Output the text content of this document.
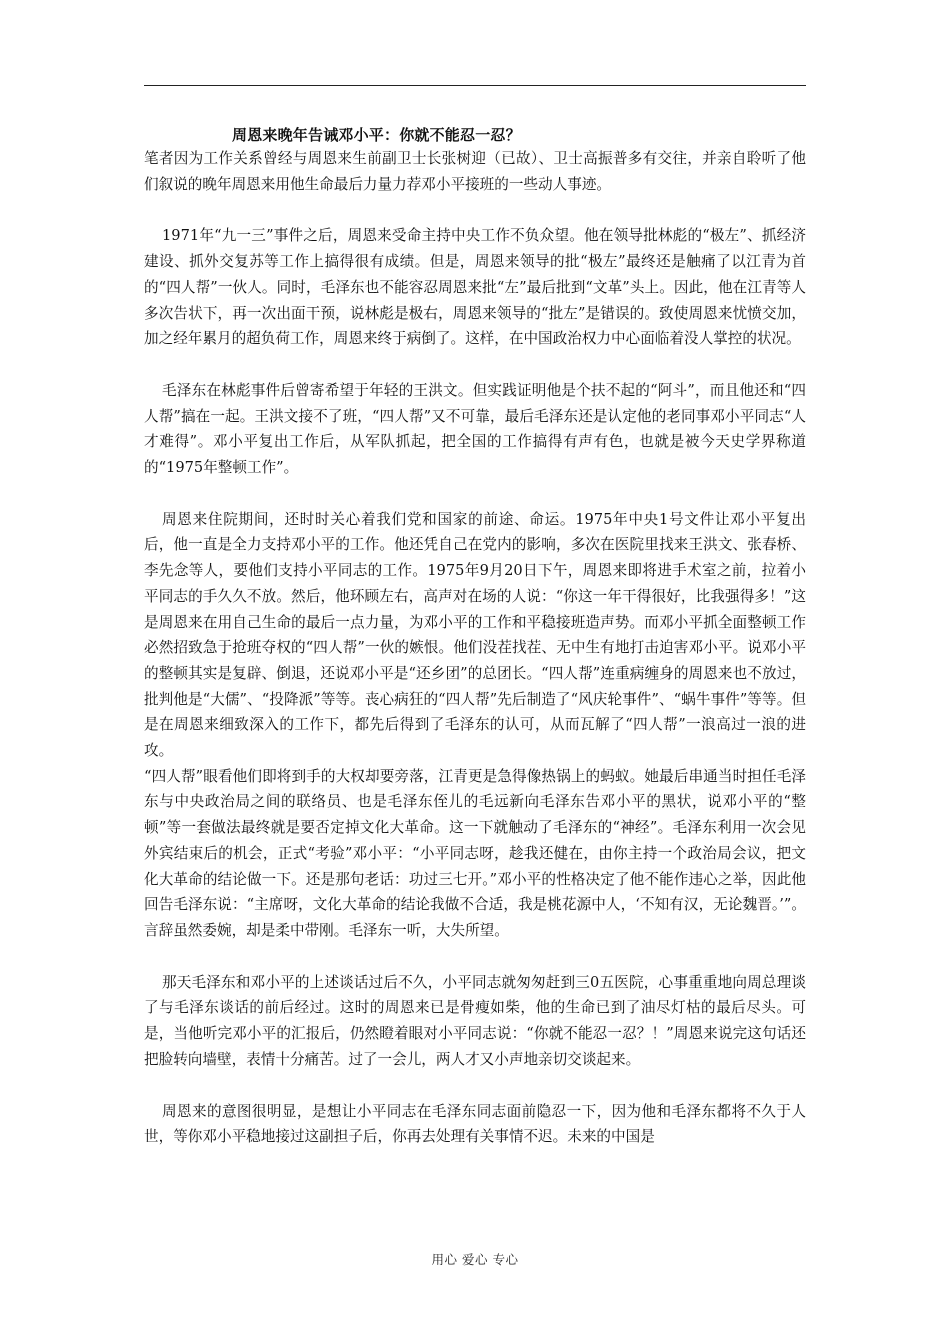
周恩来晚年告诫邓小平：你就不能忍一忍？

笔者因为工作关系曾经与周恩来生前副卫士长张树迎（已故）、卫士高振普多有交往，并亲自聆听了他们叙说的晚年周恩来用他生命最后力量力荐邓小平接班的一些动人事迹。

1971年“九一三”事件之后，周恩来受命主持中央工作不负众望。他在领导批林彪的“极左”、抓经济建设、抓外交复苏等工作上搞得很有成绩。但是，周恩来领导的批“极左”最终还是触痛了以江青为首的“四人帮”一伙人。同时，毛泽东也不能容忍周恩来批“左”最后批到“文革”头上。因此，他在江青等人多次告状下，再一次出面干预，说林彪是极右，周恩来领导的“批左”是错误的。致使周恩来忧愤交加，加之经年累月的超负荷工作，周恩来终于病倒了。这样，在中国政治权力中心面临着没人掌控的状况。

毛泽东在林彪事件后曾寄希望于年轻的王洪文。但实践证明他是个扶不起的“阿斗”，而且他还和“四人帮”搞在一起。王洪文接不了班，“四人帮”又不可靠，最后毛泽东还是认定他的老同事邓小平同志“人才难得”。邓小平复出工作后，从军队抓起，把全国的工作搞得有声有色，也就是被今天史学界称道的“1975年整顿工作”。

周恩来住院期间，还时时关心着我们党和国家的前途、命运。1975年中央1号文件让邓小平复出后，他一直是全力支持邓小平的工作。他还凭自己在党内的影响，多次在医院里找来王洪文、张春桥、李先念等人，要他们支持小平同志的工作。1975年9月20日下午，周恩来即将进手术室之前，拉着小平同志的手久久不放。然后，他环顾左右，高声对在场的人说：“你这一年干得很好，比我强得多！”这是周恩来在用自己生命的最后一点力量，为邓小平的工作和平稳接班造声势。而邓小平抓全面整顿工作必然招致急于抢班夺权的“四人帮”一伙的嫉恨。他们没茬找茬、无中生有地打击迫害邓小平。说邓小平的整顿其实是复辟、倒退，还说邓小平是“还乡团”的总团长。“四人帮”连重病缠身的周恩来也不放过，批判他是“大儒”、“投降派”等等。丧心病狂的“四人帮”先后制造了“风庆轮事件”、“蜗牛事件”等等。但是在周恩来细致深入的工作下，都先后得到了毛泽东的认可，从而瓦解了“四人帮”一浪高过一浪的进攻。

“四人帮”眼看他们即将到手的大权却要旁落，江青更是急得像热锅上的蚂蚁。她最后串通当时担任毛泽东与中央政治局之间的联络员、也是毛泽东侄儿的毛远新向毛泽东告邓小平的黑状，说邓小平的“整顿”等一套做法最终就是要否定掉文化大革命。这一下就触动了毛泽东的“神经”。毛泽东利用一次会见外宾结束后的机会，正式“考验”邓小平：“小平同志呀，趁我还健在，由你主持一个政治局会议，把文化大革命的结论做一下。还是那句老话：功过三七开。”邓小平的性格决定了他不能作违心之举，因此他回告毛泽东说：“主席呀，文化大革命的结论我做不合适，我是桃花源中人，‘不知有汉，无论魏晋。’”。言辞虽然委婉，却是柔中带刚。毛泽东一听，大失所望。

那天毛泽东和邓小平的上述谈话过后不久，小平同志就匆匆赶到三0五医院，心事重重地向周总理谈了与毛泽东谈话的前后经过。这时的周恩来已是骨瘦如柴，他的生命已到了油尽灯枯的最后尽头。可是，当他听完邓小平的汇报后，仍然瞪着眼对小平同志说：“你就不能忍一忍？！”周恩来说完这句话还把脸转向墙壁，表情十分痛苦。过了一会儿，两人才又小声地亲切交谈起来。

周恩来的意图很明显，是想让小平同志在毛泽东同志面前隐忍一下，因为他和毛泽东都将不久于人世，等你邓小平稳地接过这副担子后，你再去处理有关事情不迟。未来的中国是

用心 爱心 专心
